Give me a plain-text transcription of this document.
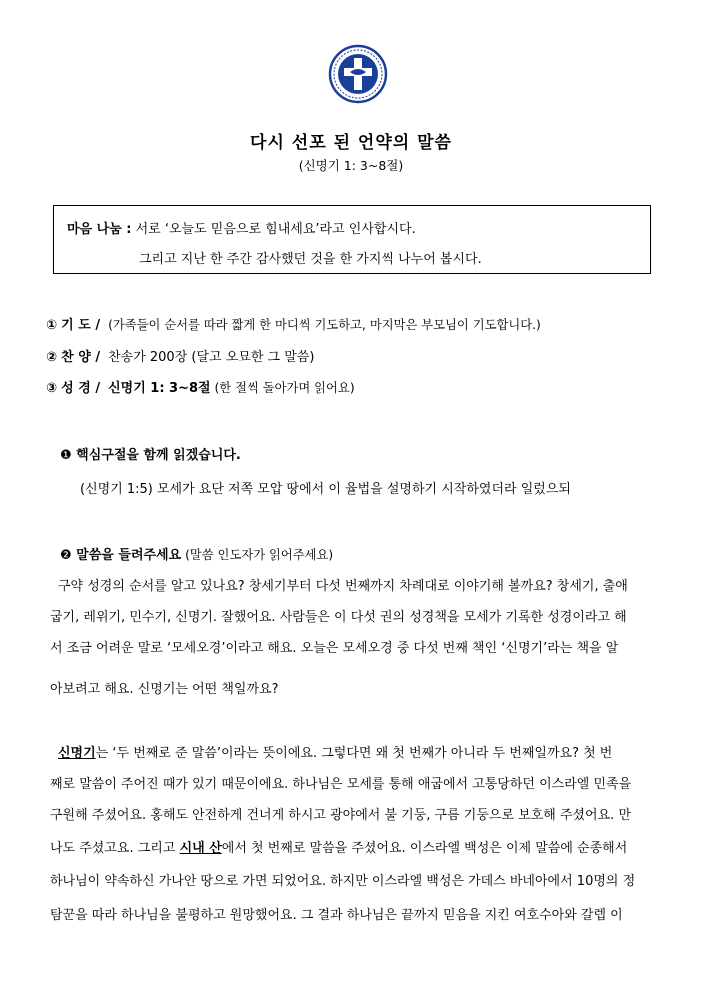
다시 선포 된 언약의 말씀
(신명기 1: 3~8절)
마음 나눔 : 서로 ‘오늘도 믿음으로 힘내세요’라고 인사합시다.
그리고 지난 한 주간 감사했던 것을 한 가지씩 나누어 봅시다.
① 기 도 / (가족들이 순서를 따라 짧게 한 마디씩 기도하고, 마지막은 부모님이 기도합니다.)
② 찬 양 / 찬송가 200장 (달고 오묘한 그 말씀)
③ 성 경 / 신명기 1: 3~8절 (한 절씩 돌아가며 읽어요)
❶ 핵심구절을 함께 읽겠습니다.
(신명기 1:5) 모세가 요단 저쪽 모압 땅에서 이 율법을 설명하기 시작하였더라 일렀으되
❷ 말씀을 들려주세요 (말씀 인도자가 읽어주세요)
구약 성경의 순서를 알고 있나요? 창세기부터 다섯 번째까지 차례대로 이야기해 볼까요? 창세기, 출애
굽기, 레위기, 민수기, 신명기. 잘했어요. 사람들은 이 다섯 권의 성경책을 모세가 기록한 성경이라고 해
서 조금 어려운 말로 ‘모세오경’이라고 해요. 오늘은 모세오경 중 다섯 번째 책인 ‘신명기’라는 책을 알
아보려고 해요. 신명기는 어떤 책일까요?
신명기는 ‘두 번째로 준 말씀’이라는 뜻이에요. 그렇다면 왜 첫 번째가 아니라 두 번째일까요? 첫 번
째로 말씀이 주어진 때가 있기 때문이에요. 하나님은 모세를 통해 애굽에서 고통당하던 이스라엘 민족을
구원해 주셨어요. 홍해도 안전하게 건너게 하시고 광야에서 불 기둥, 구름 기둥으로 보호해 주셨어요. 만
나도 주셨고요. 그리고 시내 산에서 첫 번째로 말씀을 주셨어요. 이스라엘 백성은 이제 말씀에 순종해서
하나님이 약속하신 가나안 땅으로 가면 되었어요. 하지만 이스라엘 백성은 가데스 바네아에서 10명의 정
탐꾼을 따라 하나님을 불평하고 원망했어요. 그 결과 하나님은 끝까지 믿음을 지킨 여호수아와 갈렙 이
